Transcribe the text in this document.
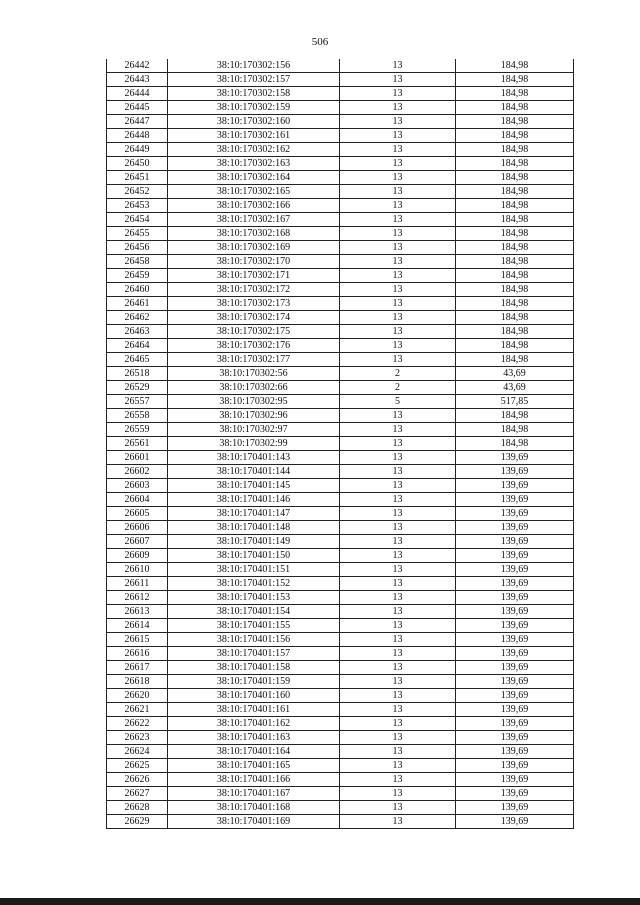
506
26442	38:10:170302:156	13	184,98
26443	38:10:170302:157	13	184,98
26444	38:10:170302:158	13	184,98
26445	38:10:170302:159	13	184,98
26447	38:10:170302:160	13	184,98
26448	38:10:170302:161	13	184,98
26449	38:10:170302:162	13	184,98
26450	38:10:170302:163	13	184,98
26451	38:10:170302:164	13	184,98
26452	38:10:170302:165	13	184,98
26453	38:10:170302:166	13	184,98
26454	38:10:170302:167	13	184,98
26455	38:10:170302:168	13	184,98
26456	38:10:170302:169	13	184,98
26458	38:10:170302:170	13	184,98
26459	38:10:170302:171	13	184,98
26460	38:10:170302:172	13	184,98
26461	38:10:170302:173	13	184,98
26462	38:10:170302:174	13	184,98
26463	38:10:170302:175	13	184,98
26464	38:10:170302:176	13	184,98
26465	38:10:170302:177	13	184,98
26518	38:10:170302:56	2	43,69
26529	38:10:170302:66	2	43,69
26557	38:10:170302:95	5	517,85
26558	38:10:170302:96	13	184,98
26559	38:10:170302:97	13	184,98
26561	38:10:170302:99	13	184,98
26601	38:10:170401:143	13	139,69
26602	38:10:170401:144	13	139,69
26603	38:10:170401:145	13	139,69
26604	38:10:170401:146	13	139,69
26605	38:10:170401:147	13	139,69
26606	38:10:170401:148	13	139,69
26607	38:10:170401:149	13	139,69
26609	38:10:170401:150	13	139,69
26610	38:10:170401:151	13	139,69
26611	38:10:170401:152	13	139,69
26612	38:10:170401:153	13	139,69
26613	38:10:170401:154	13	139,69
26614	38:10:170401:155	13	139,69
26615	38:10:170401:156	13	139,69
26616	38:10:170401:157	13	139,69
26617	38:10:170401:158	13	139,69
26618	38:10:170401:159	13	139,69
26620	38:10:170401:160	13	139,69
26621	38:10:170401:161	13	139,69
26622	38:10:170401:162	13	139,69
26623	38:10:170401:163	13	139,69
26624	38:10:170401:164	13	139,69
26625	38:10:170401:165	13	139,69
26626	38:10:170401:166	13	139,69
26627	38:10:170401:167	13	139,69
26628	38:10:170401:168	13	139,69
26629	38:10:170401:169	13	139,69
